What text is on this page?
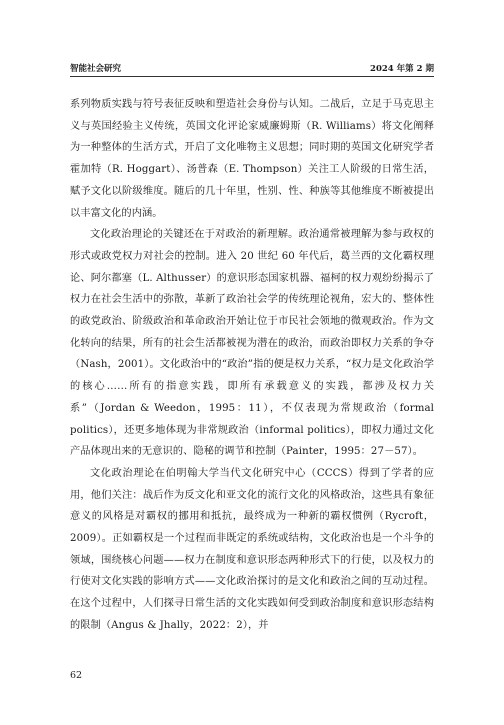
智能社会研究	2024 年第 2 期

系列物质实践与符号表征反映和塑造社会身份与认知。二战后，立足于马克思主义与英国经验主义传统，英国文化评论家威廉姆斯（R. Williams）将文化阐释为一种整体的生活方式，开启了文化唯物主义思想；同时期的英国文化研究学者霍加特（R. Hoggart）、汤普森（E. Thompson）关注工人阶级的日常生活，赋予文化以阶级维度。随后的几十年里，性别、性、种族等其他维度不断被提出以丰富文化的内涵。

文化政治理论的关键还在于对政治的新理解。政治通常被理解为参与政权的形式或政党权力对社会的控制。进入 20 世纪 60 年代后，葛兰西的文化霸权理论、阿尔都塞（L. Althusser）的意识形态国家机器、福柯的权力观纷纷揭示了权力在社会生活中的弥散，革新了政治社会学的传统理论视角，宏大的、整体性的政党政治、阶级政治和革命政治开始让位于市民社会领地的微观政治。作为文化转向的结果，所有的社会生活都被视为潜在的政治，而政治即权力关系的争夺（Nash，2001）。文化政治中的“政治”指的便是权力关系，“权力是文化政治学的核心……所有的指意实践，即所有承载意义的实践，都涉及权力关系”（Jordan & Weedon，1995：11），不仅表现为常规政治（formal politics），还更多地体现为非常规政治（informal politics），即权力通过文化产品体现出来的无意识的、隐秘的调节和控制（Painter，1995：27－57）。

文化政治理论在伯明翰大学当代文化研究中心（CCCS）得到了学者的应用，他们关注：战后作为反文化和亚文化的流行文化的风格政治，这些具有象征意义的风格是对霸权的挪用和抵抗，最终成为一种新的霸权惯例（Rycroft，2009）。正如霸权是一个过程而非既定的系统或结构，文化政治也是一个斗争的领域，围绕核心问题——权力在制度和意识形态两种形式下的行使，以及权力的行使对文化实践的影响方式——文化政治探讨的是文化和政治之间的互动过程。在这个过程中，人们探寻日常生活的文化实践如何受到政治制度和意识形态结构的限制（Angus & Jhally，2022：2），并

62
